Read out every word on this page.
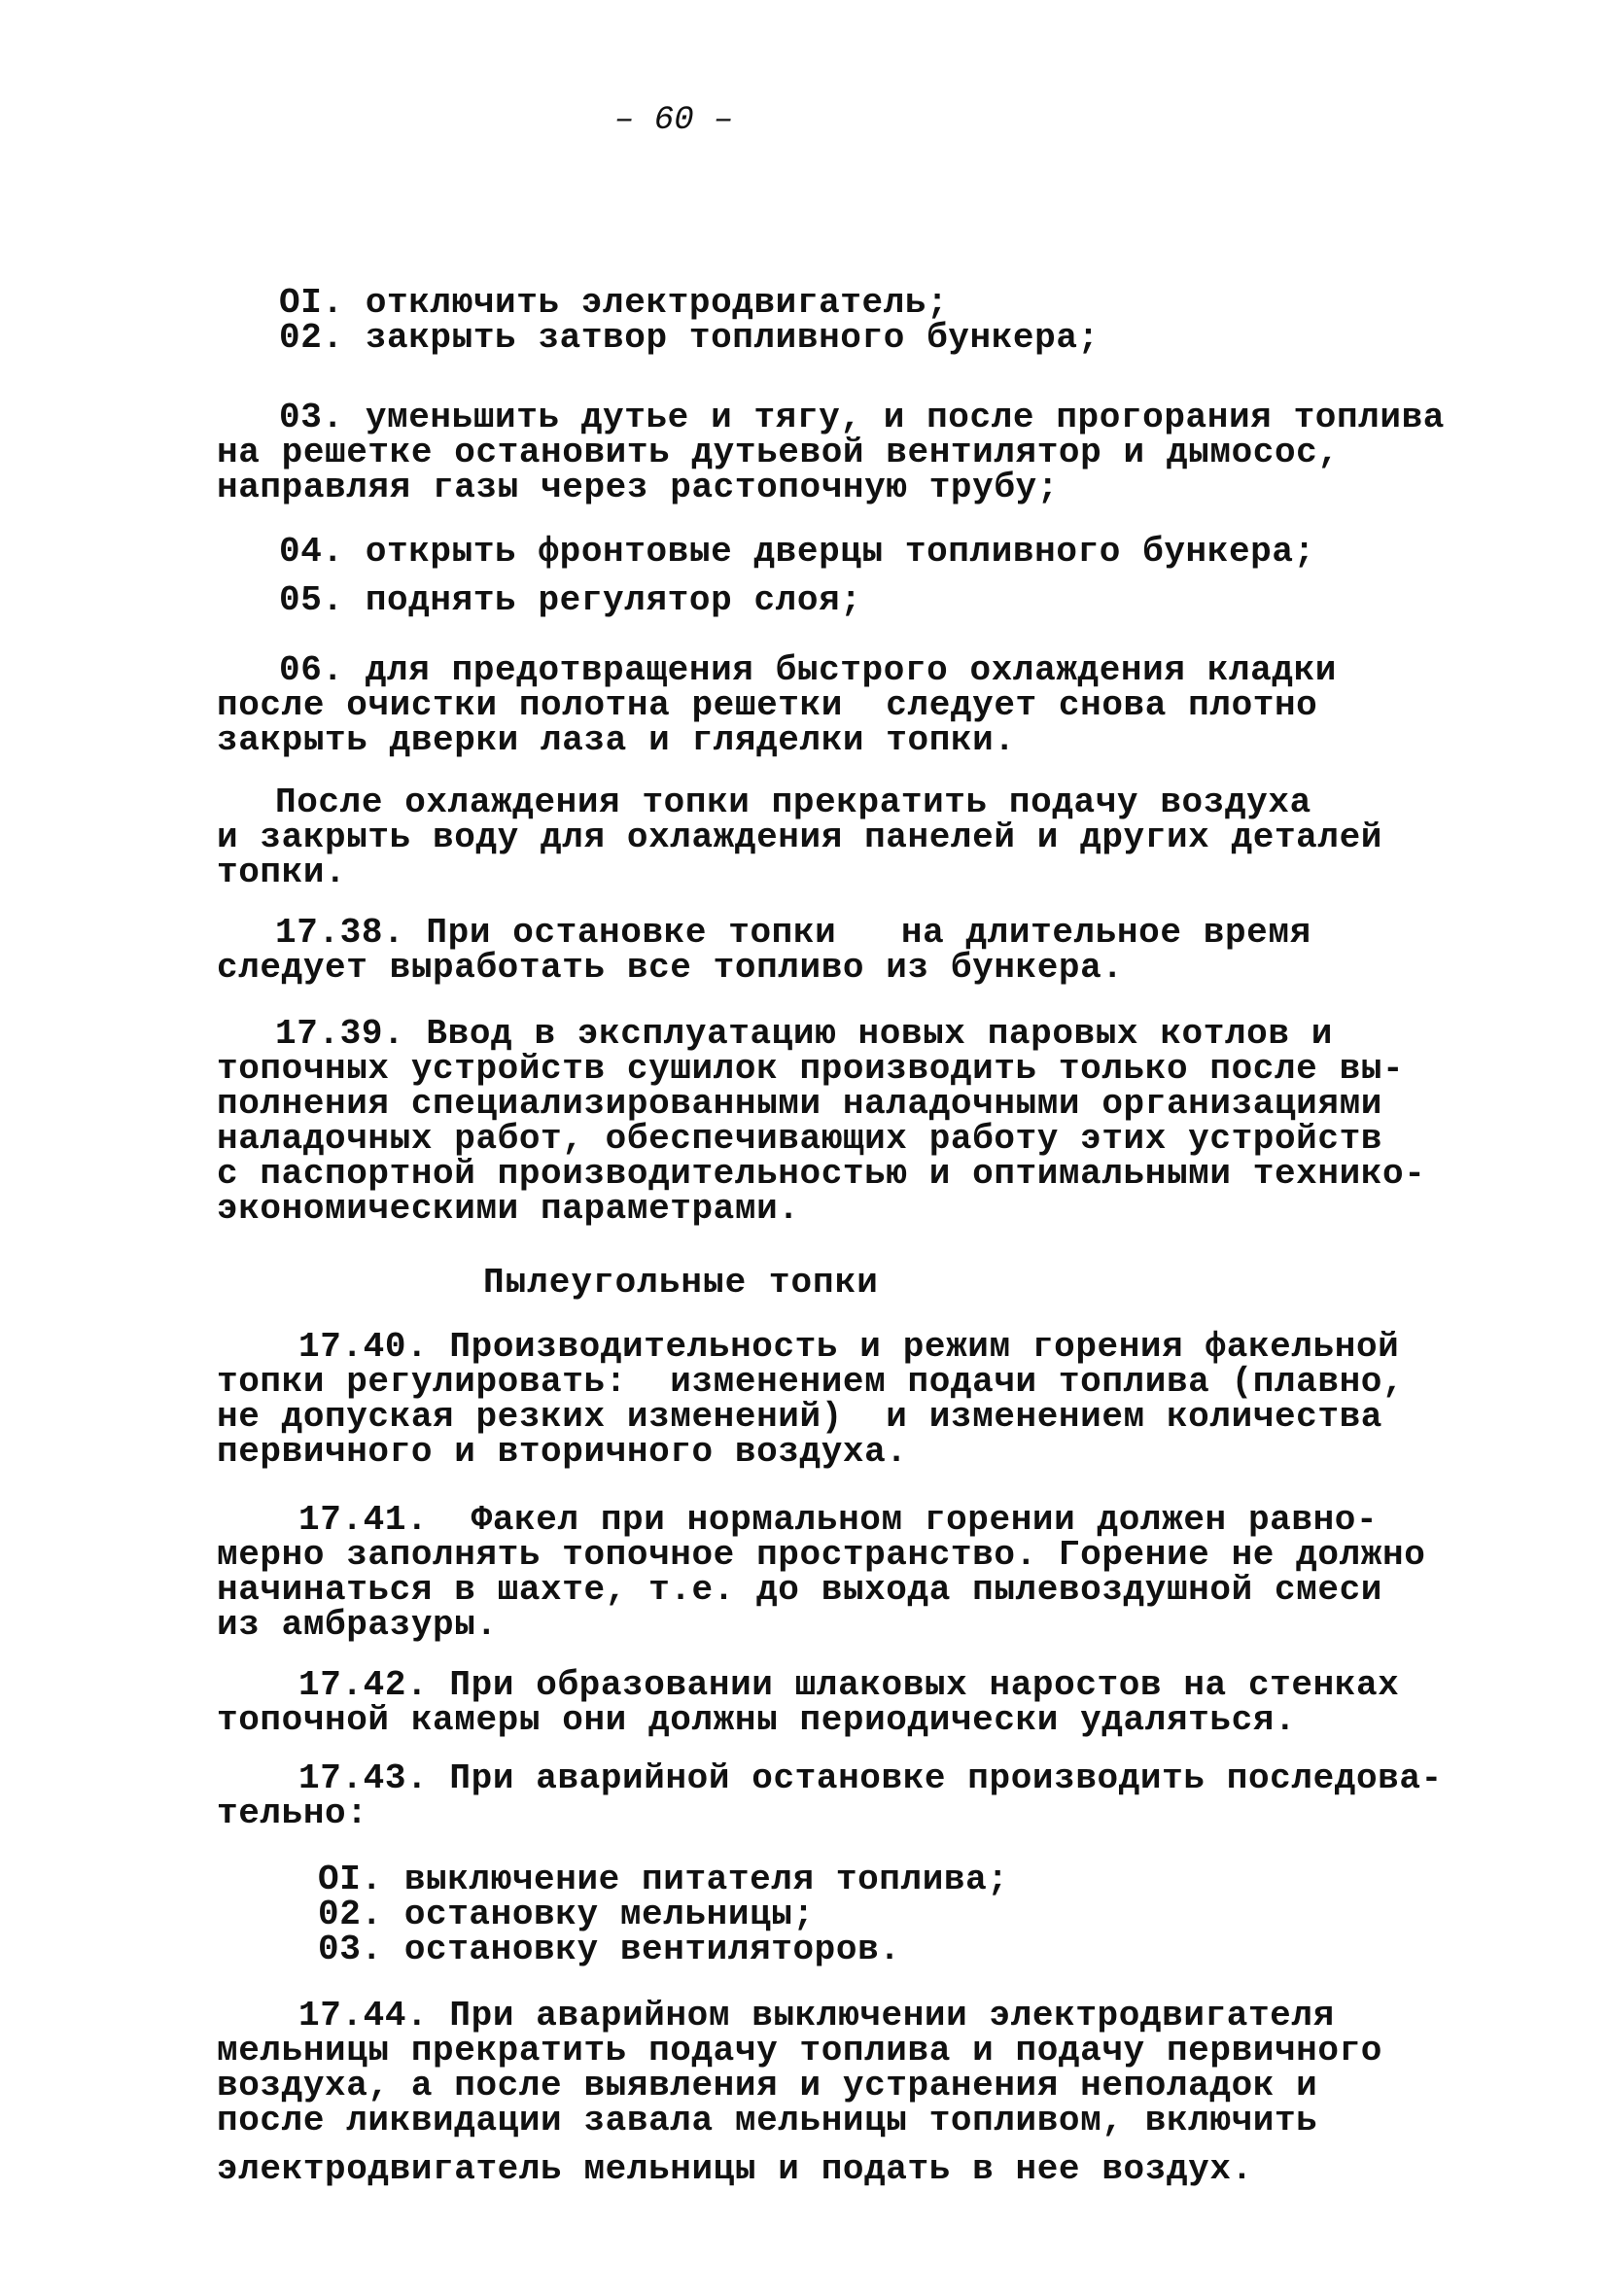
– 60 –
OI. отключить электродвигатель;
02. закрыть затвор топливного бункера;
03. уменьшить дутье и тягу, и после прогорания топлива
на решетке остановить дутьевой вентилятор и дымосос,
направляя газы через растопочную трубу;
04. открыть фронтовые дверцы топливного бункера;
05. поднять регулятор слоя;
06. для предотвращения быстрого охлаждения кладки
после очистки полотна решетки  следует снова плотно
закрыть дверки лаза и гляделки топки.
После охлаждения топки прекратить подачу воздуха
и закрыть воду для охлаждения панелей и других деталей
топки.
17.38. При остановке топки   на длительное время
следует выработать все топливо из бункера.
17.39. Ввод в эксплуатацию новых паровых котлов и
топочных устройств сушилок производить только после вы-
полнения специализированными наладочными организациями
наладочных работ, обеспечивающих работу этих устройств
с паспортной производительностью и оптимальными технико-
экономическими параметрами.
Пылеугольные топки
17.40. Производительность и режим горения факельной
топки регулировать:  изменением подачи топлива (плавно,
не допуская резких изменений)  и изменением количества
первичного и вторичного воздуха.
17.41.  Факел при нормальном горении должен равно-
мерно заполнять топочное пространство. Горение не должно
начинаться в шахте, т.е. до выхода пылевоздушной смеси
из амбразуры.
17.42. При образовании шлаковых наростов на стенках
топочной камеры они должны периодически удаляться.
17.43. При аварийной остановке производить последова-
тельно:
OI. выключение питателя топлива;
02. остановку мельницы;
03. остановку вентиляторов.
17.44. При аварийном выключении электродвигателя
мельницы прекратить подачу топлива и подачу первичного
воздуха, а после выявления и устранения неполадок и
после ликвидации завала мельницы топливом, включить
электродвигатель мельницы и подать в нее воздух.
